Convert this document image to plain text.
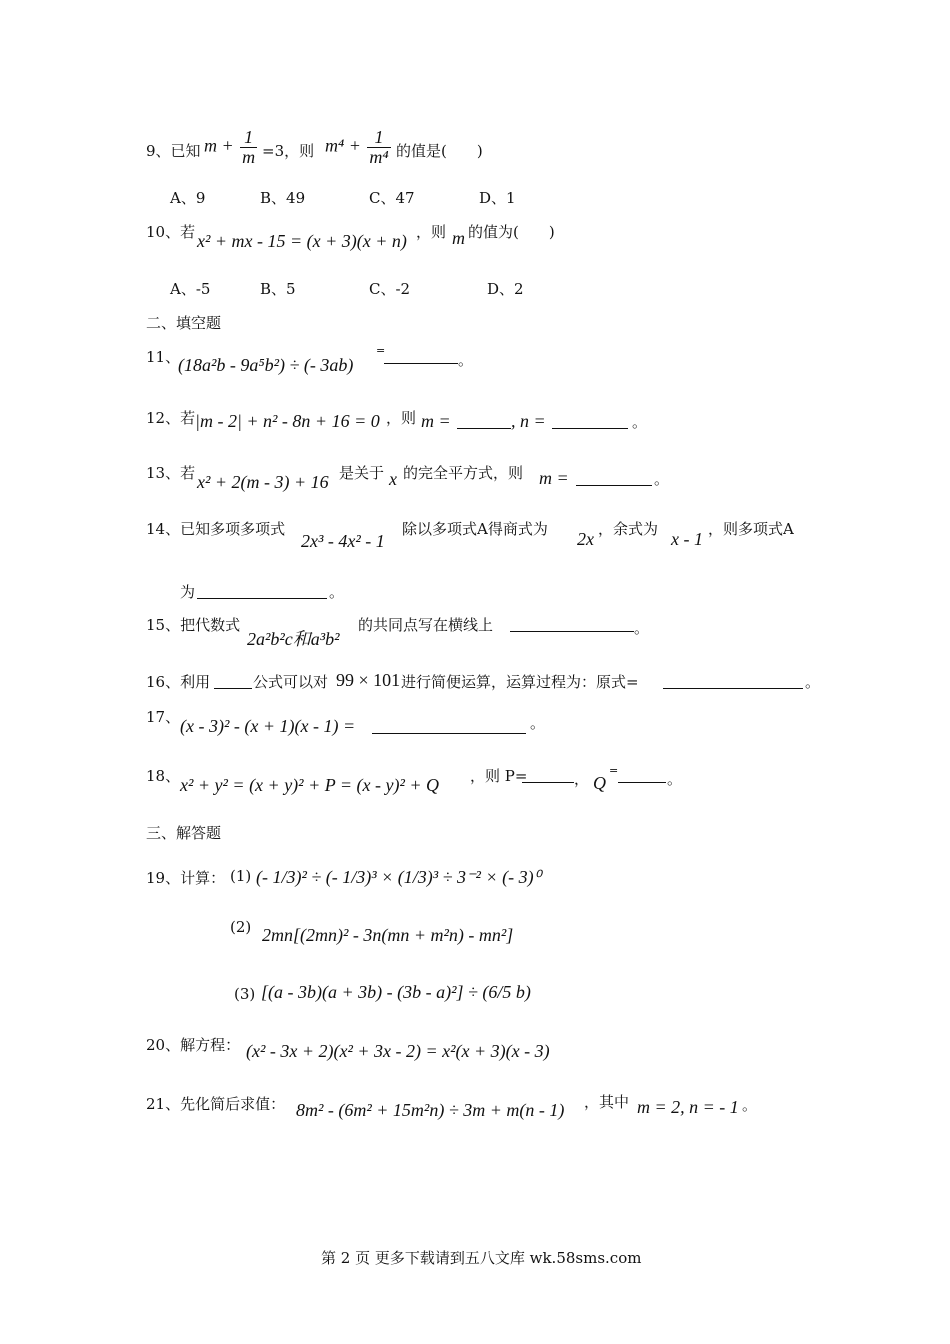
9、已知 $m + \frac{1}{m} =3$，则 $m^4 + \frac{1}{\text{m⁴}}$ 的值是(　　)
A、9	B、49	C、47	D、1
10、若 x² + mx - 15 = (x + 3)(x + n) ，则 m 的值为(　　)
A、-5	B、5	C、-2	D、2
二、填空题
11、
(18a²b - 9a⁵b²) ÷ (- 3ab)
=
。
12、若 |m - 2| + n² - 8n + 16 = 0 ，则 m =	, n =	。
13、若 x² + 2(m - 3) + 16 是关于 x 的完全平方式，则 m =	。
14、已知多项多项式
2x³ - 4x² - 1
除以多项式A得商式为 2x ，余式为 x - 1 ，则多项式A
为	。
15、把代数式
2a²b²c和a³b²
的共同点写在横线上	。
16、利用	公式可以对 99 × 101 进行简便运算，运算过程为：原式=	。
17、 (x - 3)² - (x + 1)(x - 1) =	。
18、 x² + y² = (x + y)² + P = (x - y)² + Q ，则 P=	， Q
=	。
三、解答题
19、计算： (1) (- 1/3)² ÷ (- 1/3)³ × (1/3)³ ÷ 3⁻² × (- 3)⁰
(2) 2mn[(2mn)² - 3n(mn + m²n) - mn²]
(3) [(a - 3b)(a + 3b) - (3b - a)²] ÷ (6/5 b)
20、解方程： (x² - 3x + 2)(x² + 3x - 2) = x²(x + 3)(x - 3)
21、先化简后求值： 8m² - (6m² + 15m²n) ÷ 3m + m(n - 1) ，其中 m = 2, n = - 1 。
第 2 页 更多下载请到五八文库 wk.58sms.com
